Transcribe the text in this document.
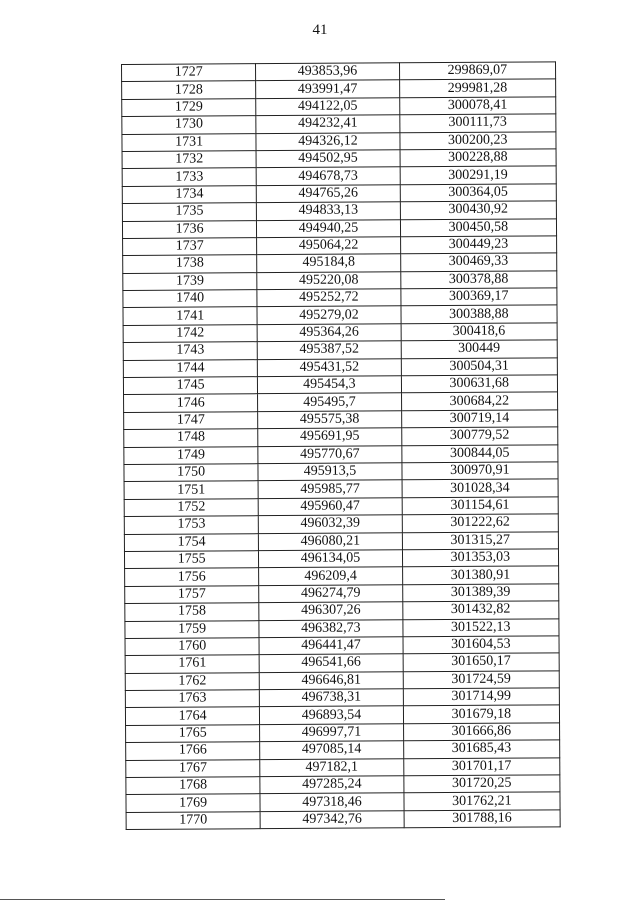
41
1727	493853,96	299869,07
1728	493991,47	299981,28
1729	494122,05	300078,41
1730	494232,41	300111,73
1731	494326,12	300200,23
1732	494502,95	300228,88
1733	494678,73	300291,19
1734	494765,26	300364,05
1735	494833,13	300430,92
1736	494940,25	300450,58
1737	495064,22	300449,23
1738	495184,8	300469,33
1739	495220,08	300378,88
1740	495252,72	300369,17
1741	495279,02	300388,88
1742	495364,26	300418,6
1743	495387,52	300449
1744	495431,52	300504,31
1745	495454,3	300631,68
1746	495495,7	300684,22
1747	495575,38	300719,14
1748	495691,95	300779,52
1749	495770,67	300844,05
1750	495913,5	300970,91
1751	495985,77	301028,34
1752	495960,47	301154,61
1753	496032,39	301222,62
1754	496080,21	301315,27
1755	496134,05	301353,03
1756	496209,4	301380,91
1757	496274,79	301389,39
1758	496307,26	301432,82
1759	496382,73	301522,13
1760	496441,47	301604,53
1761	496541,66	301650,17
1762	496646,81	301724,59
1763	496738,31	301714,99
1764	496893,54	301679,18
1765	496997,71	301666,86
1766	497085,14	301685,43
1767	497182,1	301701,17
1768	497285,24	301720,25
1769	497318,46	301762,21
1770	497342,76	301788,16
